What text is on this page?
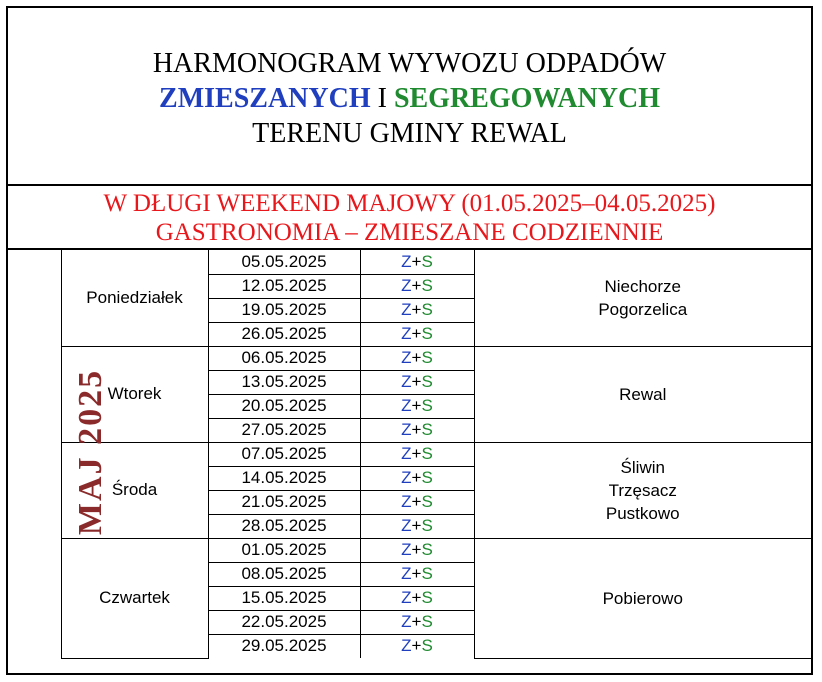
HARMONOGRAM WYWOZU ODPADÓW
ZMIESZANYCH I SEGREGOWANYCH
TERENU GMINY REWAL
W DŁUGI WEEKEND MAJOWY (01.05.2025–04.05.2025)
GASTRONOMIA – ZMIESZANE CODZIENNIE
MAJ 2025	Poniedziałek	05.05.2025	Z+S	Niechorze
Pogorzelica

		12.05.2025	Z+S	
		19.05.2025	Z+S	
		26.05.2025	Z+S	
	Wtorek	06.05.2025	Z+S	Rewal

		13.05.2025	Z+S	
		20.05.2025	Z+S	
		27.05.2025	Z+S	
	Środa	07.05.2025	Z+S	Śliwin
Trzęsacz
Pustkowo

		14.05.2025	Z+S	
		21.05.2025	Z+S	
		28.05.2025	Z+S	
	Czwartek	01.05.2025	Z+S	Pobierowo

		08.05.2025	Z+S	
		15.05.2025	Z+S	
		22.05.2025	Z+S	
		29.05.2025	Z+S	
